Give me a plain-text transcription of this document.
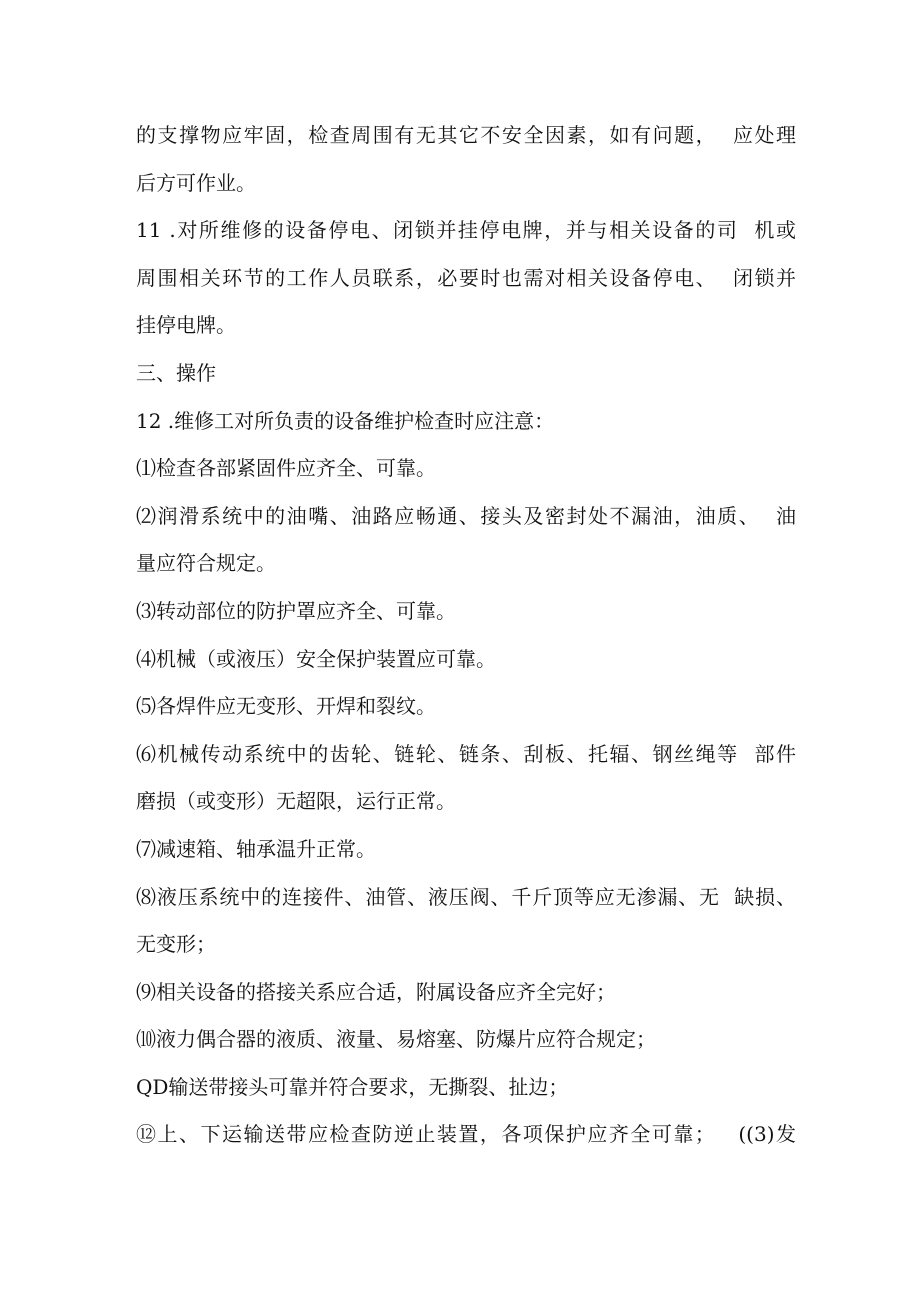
的支撑物应牢固，检查周围有无其它不安全因素，如有问题，  应处理
后方可作业。
11 .对所维修的设备停电、闭锁并挂停电牌，并与相关设备的司  机或
周围相关环节的工作人员联系，必要时也需对相关设备停电、  闭锁并
挂停电牌。
三、操作
12 .维修工对所负责的设备维护检查时应注意：
⑴检查各部紧固件应齐全、可靠。
⑵润滑系统中的油嘴、油路应畅通、接头及密封处不漏油，油质、  油
量应符合规定。
⑶转动部位的防护罩应齐全、可靠。
⑷机械（或液压）安全保护装置应可靠。
⑸各焊件应无变形、开焊和裂纹。
⑹机械传动系统中的齿轮、链轮、链条、刮板、托辐、钢丝绳等  部件
磨损（或变形）无超限，运行正常。
⑺减速箱、轴承温升正常。
⑻液压系统中的连接件、油管、液压阀、千斤顶等应无渗漏、无  缺损、
无变形；
⑼相关设备的搭接关系应合适，附属设备应齐全完好；
⑽液力偶合器的液质、液量、易熔塞、防爆片应符合规定；
QD输送带接头可靠并符合要求，无撕裂、扯边；
⑫上、下运输送带应检查防逆止装置，各项保护应齐全可靠；   ((3)发
